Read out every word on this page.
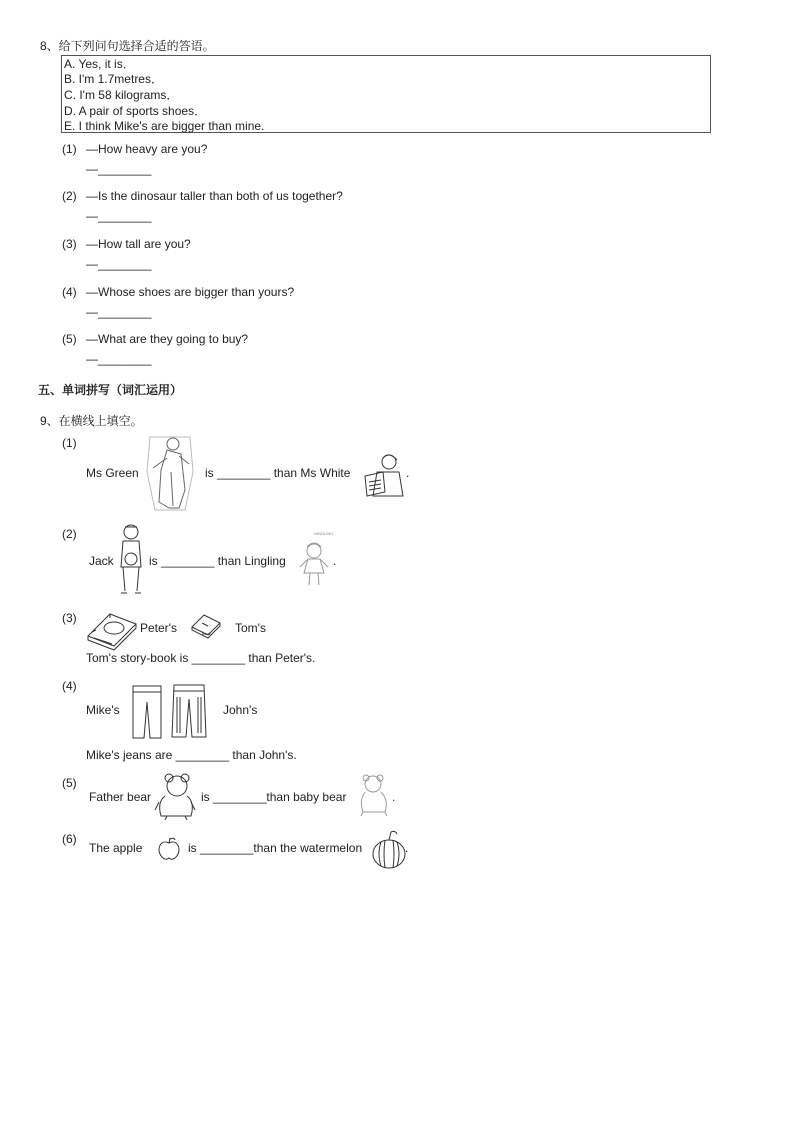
8、给下列问句选择合适的答语。
A. Yes, it is．
B. I'm 1.7metres．
C. I'm 58 kilograms．
D. A pair of sports shoes．
E. I think Mike's are bigger than mine.
(1) —How heavy are you?
—________
(2) —Is the dinosaur taller than both of us together?
—________
(3) —How tall are you?
—________
(4) —Whose shoes are bigger than yours?
—________
(5) —What are they going to buy?
—________
五、单词拼写（词汇运用）
9、在横线上填空。
(1)
Ms Green	is ________ than Ms White	.
(2)
Jack	is ________ than Lingling
NINGLING
.
(3)
Peter's	book Tom's
Tom's story-book is ________ than Peter's.
(4)
Mike's	John's
Mike's jeans are ________ than John's.
(5)
Father bear	is ________than baby bear	.
(6)
The apple	is ________than the watermelon	.
